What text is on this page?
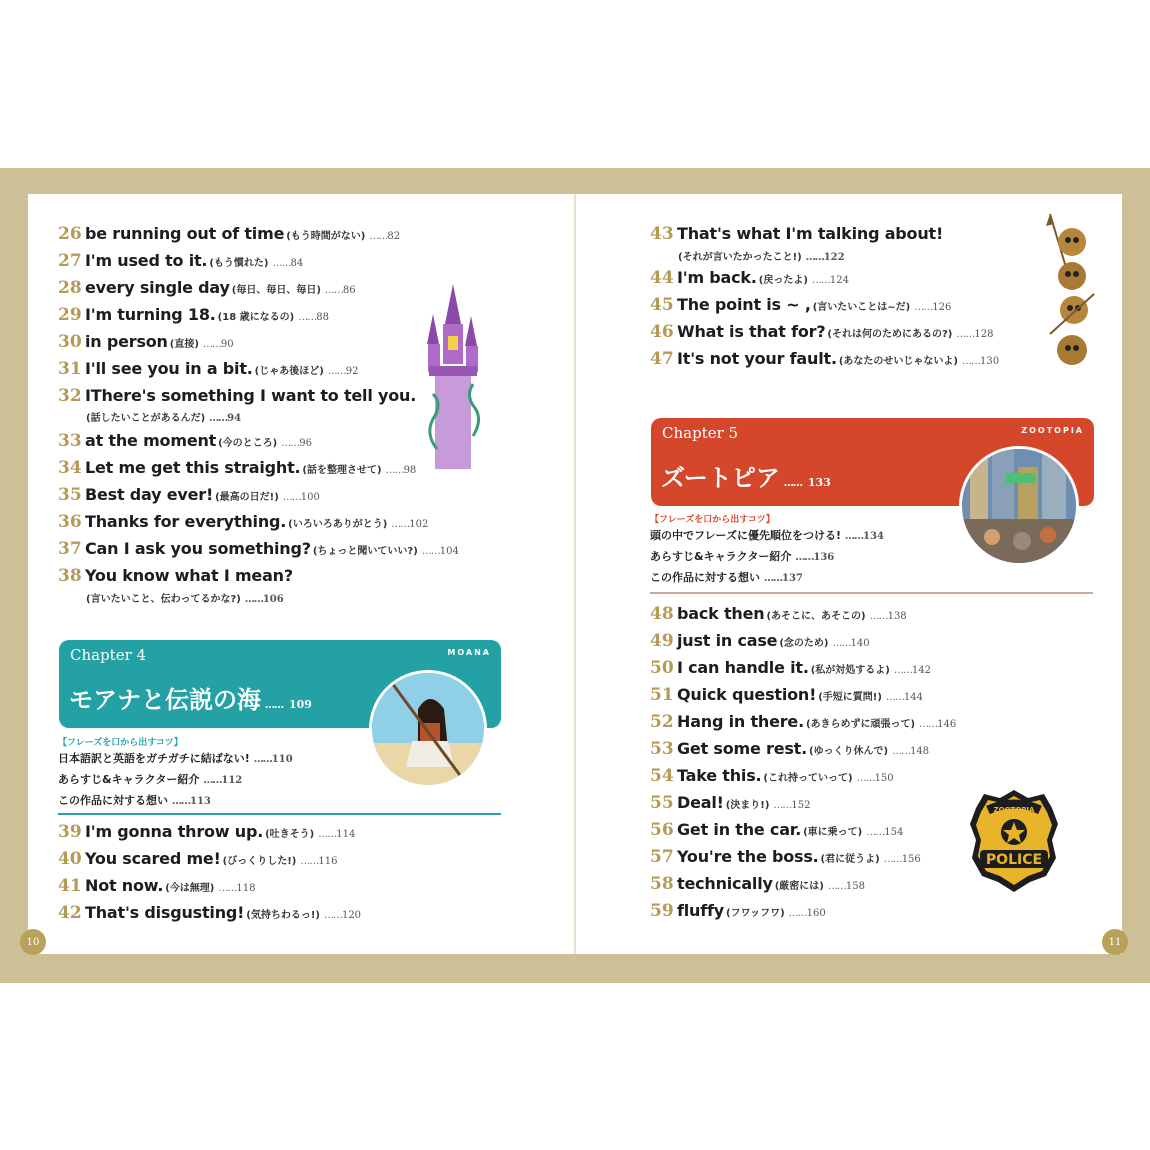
26 be running out of time (もう時間がない) …… 82
27 I'm used to it. (もう慣れた) …… 84
28 every single day (毎日、毎日、毎日) …… 86
29 I'm turning 18. (18 歳になるの) …… 88
30 in person (直接) …… 90
31 I'll see you in a bit. (じゃあ後ほど) …… 92
32 IThere's something I want to tell you.
(話したいことがあるんだ) ……94
33 at the moment (今のところ) …… 96
34 Let me get this straight. (話を整理させて) …… 98
35 Best day ever! (最高の日だ!) …… 100
36 Thanks for everything. (いろいろありがとう) …… 102
37 Can I ask you something? (ちょっと聞いていい?) …… 104
38 You know what I mean?
(言いたいこと、伝わってるかな?) ……106
Chapter 4	MOANA
モアナと伝説の海 …… 109
【フレーズを口から出すコツ】
日本語訳と英語をガチガチに結ばない! ……110
あらすじ&キャラクター紹介 ……112
この作品に対する想い ……113
39 I'm gonna throw up. (吐きそう) …… 114
40 You scared me! (びっくりした!) …… 116
41 Not now. (今は無理) …… 118
42 That's disgusting! (気持ちわるっ!) …… 120
43 That's what I'm talking about!
(それが言いたかったこと!) ……122
44 I'm back. (戻ったよ) …… 124
45 The point is ~ , (言いたいことは~だ) …… 126
46 What is that for? (それは何のためにあるの?) …… 128
47 It's not your fault. (あなたのせいじゃないよ) …… 130
Chapter 5	ZOOTOPIA
ズートピア …… 133
【フレーズを口から出すコツ】
頭の中でフレーズに優先順位をつける! ……134
あらすじ&キャラクター紹介 ……136
この作品に対する想い ……137
48 back then (あそこに、あそこの) …… 138
49 just in case (念のため) …… 140
50 I can handle it. (私が対処するよ) …… 142
51 Quick question! (手短に質問!) …… 144
52 Hang in there. (あきらめずに頑張って) …… 146
53 Get some rest. (ゆっくり休んで) …… 148
54 Take this. (これ持っていって) …… 150
55 Deal! (決まり!) …… 152
56 Get in the car. (車に乗って) …… 154
57 You're the boss. (君に従うよ) …… 156
58 technically (厳密には) …… 158
59 fluffy (フワッフワ) …… 160
ZOOTOPIA
POLICE
10	11
